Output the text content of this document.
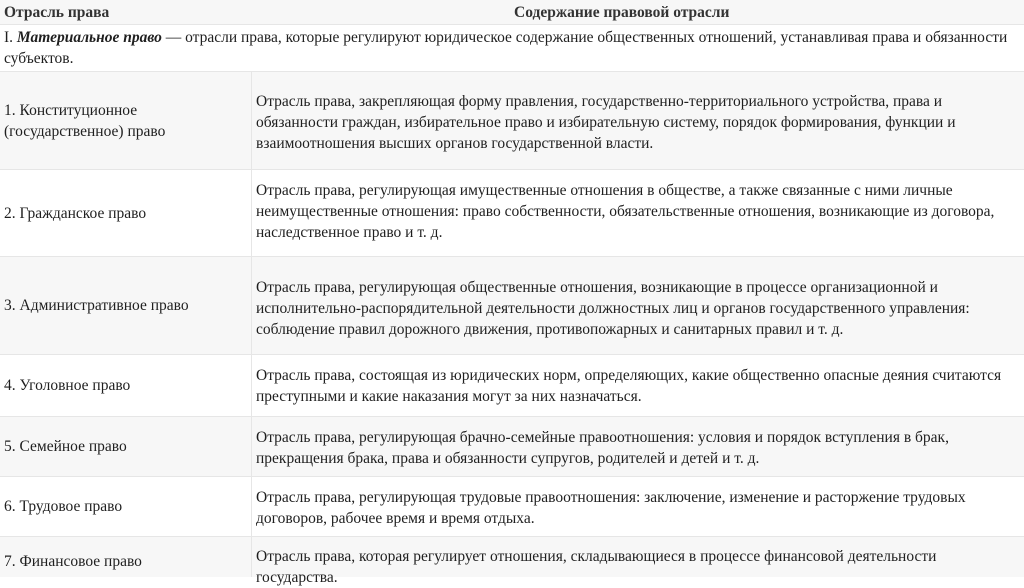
Отрасль права	Содержание правовой отрасли
I. Материальное право — отрасли права, которые регулируют юридическое содержание общественных отношений, устанавливая права и обязанности субъектов.
1. Конституционное (государственное) право
Отрасль права, закрепляющая форму правления, государственно-территориального устройства, права и обязанности граждан, избирательное право и избирательную систему, порядок формирования, функции и взаимоотношения высших органов государственной власти.
2. Гражданское право
Отрасль права, регулирующая имущественные отношения в обществе, а также связанные с ними личные неимущественные отношения: право собственности, обязательственные отношения, возникающие из договора, наследственное право и т. д.
3. Административное право
Отрасль права, регулирующая общественные отношения, возникающие в процессе организационной и исполнительно-распорядительной деятельности должностных лиц и органов государственного управления: соблюдение правил дорожного движения, противопожарных и санитарных правил и т. д.
4. Уголовное право
Отрасль права, состоящая из юридических норм, определяющих, какие общественно опасные деяния считаются преступными и какие наказания могут за них назначаться.
5. Семейное право
Отрасль права, регулирующая брачно-семейные правоотношения: условия и порядок вступления в брак, прекращения брака, права и обязанности супругов, родителей и детей и т. д.
6. Трудовое право
Отрасль права, регулирующая трудовые правоотношения: заключение, изменение и расторжение трудовых договоров, рабочее время и время отдыха.
7. Финансовое право	Отрасль права, которая регулирует отношения, складывающиеся в процессе финансовой деятельности государства.
